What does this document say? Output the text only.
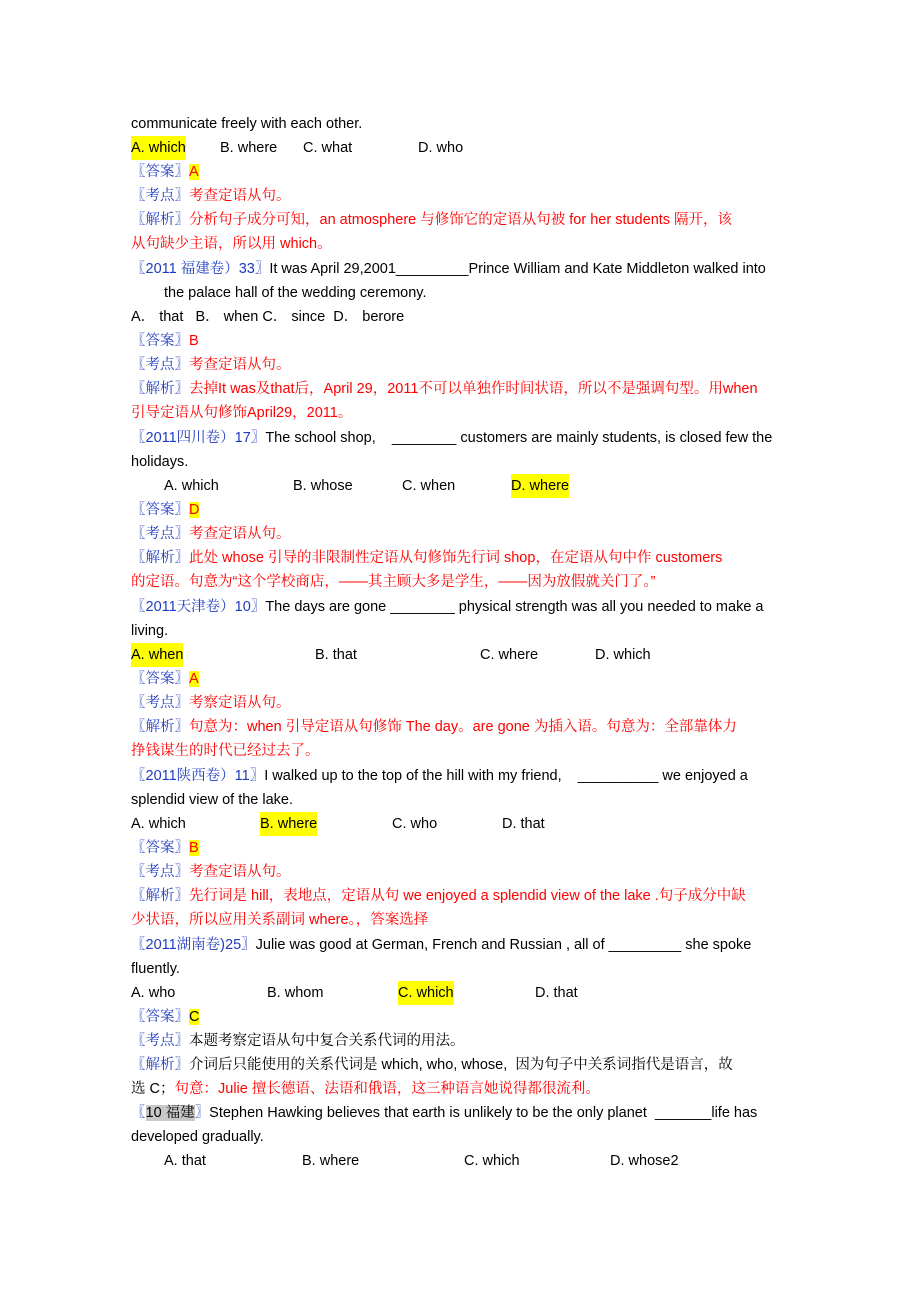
communicate freely with each other.
A. which B. where C. what	D. who
〖答案〗A
〖考点〗考查定语从句。
〖解析〗分析句子成分可知，an atmosphere 与修饰它的定语从句被 for her students 隔开，该
从句缺少主语，所以用 which。
〖2011 福建卷）33〗It was April 29,2001_________Prince William and Kate Middleton walked into
the palace hall of the wedding ceremony.
A． that   B． when C． since  D． berore
〖答案〗B
〖考点〗考查定语从句。
〖解析〗去掉It was及that后，April 29，2011不可以单独作时间状语，所以不是强调句型。用when
引导定语从句修饰April29，2011。
〖2011四川卷）17〗The school shop,    ________ customers are mainly students, is closed few the
holidays.
A. which	B. whose	C. when	D. where
〖答案〗D
〖考点〗考查定语从句。
〖解析〗此处 whose 引导的非限制性定语从句修饰先行词 shop，在定语从句中作 customers
的定语。句意为“这个学校商店，——其主顾大多是学生，——因为放假就关门了。”
〖2011天津卷）10〗The days are gone ________ physical strength was all you needed to make a
living.
A. when	B. that	C. where	D. which
〖答案〗A
〖考点〗考察定语从句。
〖解析〗句意为：when 引导定语从句修饰 The day。are gone 为插入语。句意为：全部靠体力
挣钱谋生的时代已经过去了。
〖2011陕西卷）11〗I walked up to the top of the hill with my friend,    __________ we enjoyed a
splendid view of the lake.
A. which	B. where	C. who	D. that
〖答案〗B
〖考点〗考查定语从句。
〖解析〗先行词是 hill，表地点，定语从句 we enjoyed a splendid view of the lake .句子成分中缺
少状语，所以应用关系副词 where。，答案选择
〖2011湖南卷)25〗Julie was good at German, French and Russian , all of _________ she spoke
fluently.
A. who	B. whom	C. which	D. that
〖答案〗C
〖考点〗本题考察定语从句中复合关系代词的用法。
〖解析〗介词后只能使用的关系代词是 which, who, whose,  因为句子中关系词指代是语言，故
选 C；句意：Julie 擅长德语、法语和俄语，这三种语言她说得都很流利。
〖10 福建〗Stephen Hawking believes that earth is unlikely to be the only planet  _______life has
developed gradually.
A. that	B. where	C. which	D. whose2
